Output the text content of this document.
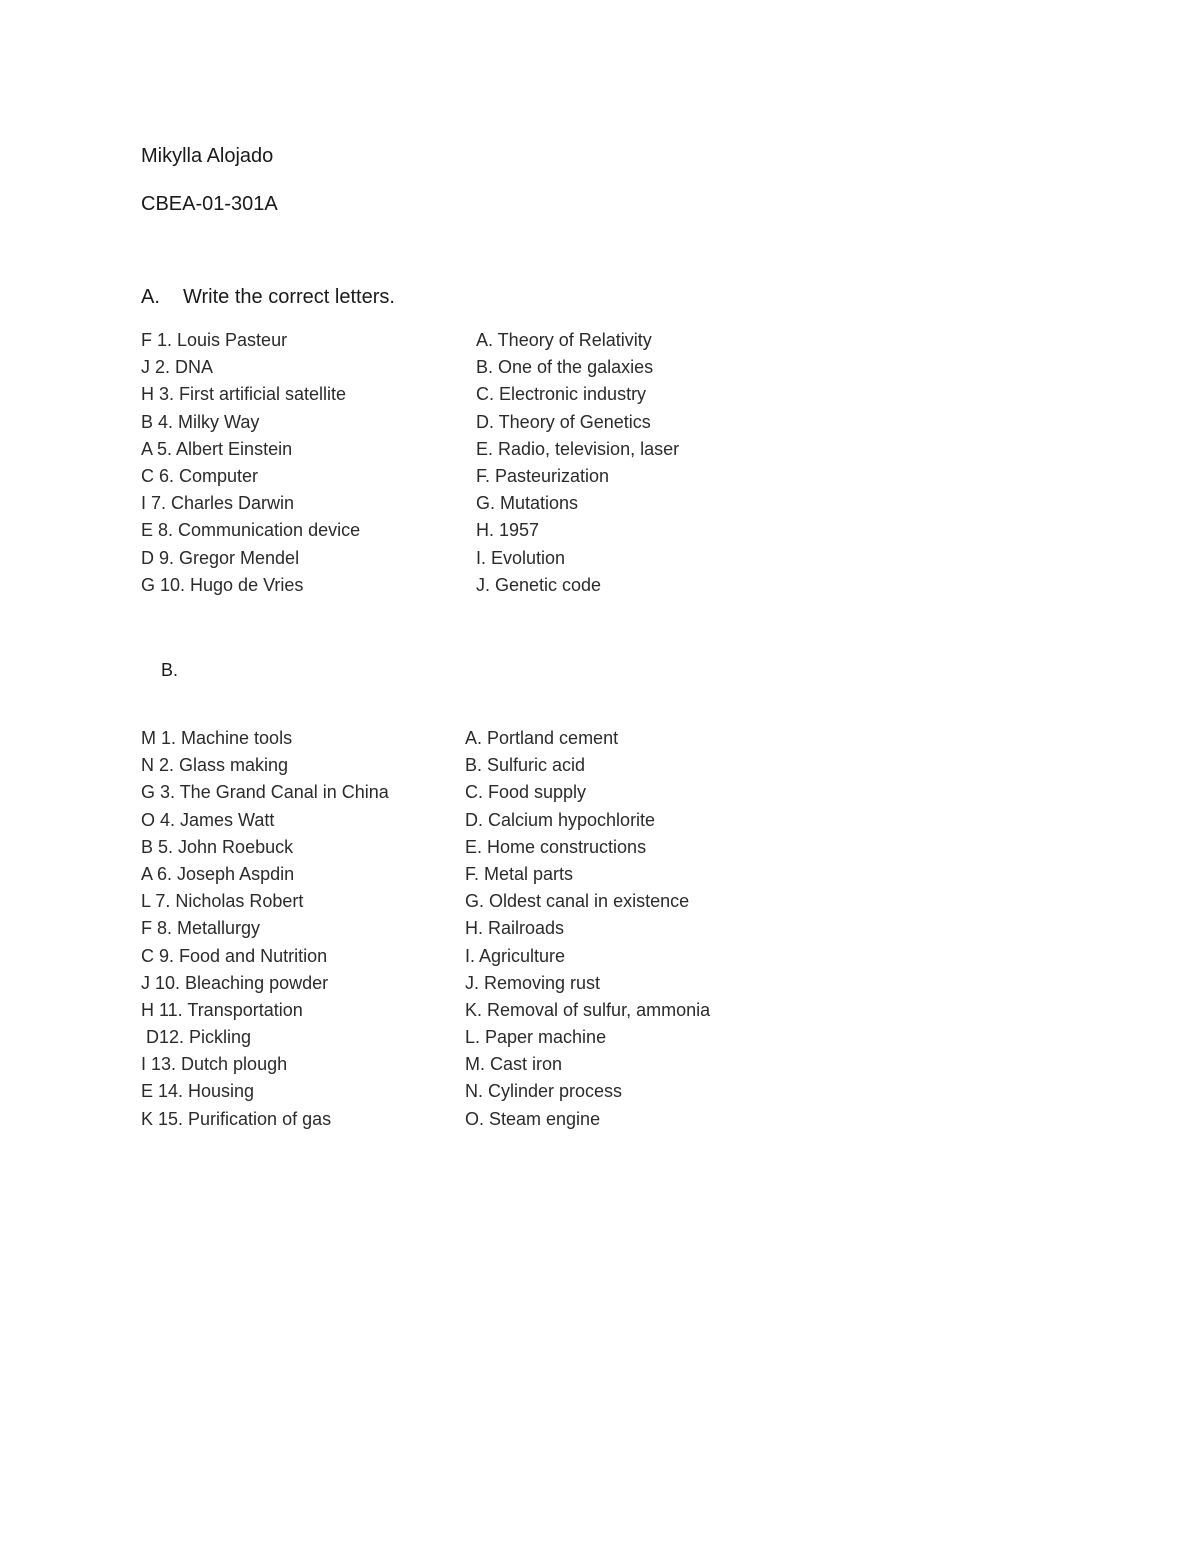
Mikylla Alojado
CBEA-01-301A
A. Write the correct letters.
F 1. Louis Pasteur
J 2. DNA
H 3. First artificial satellite
B 4. Milky Way
A 5. Albert Einstein
C 6. Computer
I 7. Charles Darwin
E 8. Communication device
D 9. Gregor Mendel
G 10. Hugo de Vries
A. Theory of Relativity
B. One of the galaxies
C. Electronic industry
D. Theory of Genetics
E. Radio, television, laser
F. Pasteurization
G. Mutations
H. 1957
I. Evolution
J. Genetic code
B.
M 1. Machine tools
N 2. Glass making
G 3. The Grand Canal in China
O 4. James Watt
B 5. John Roebuck
A 6. Joseph Aspdin
L 7. Nicholas Robert
F 8. Metallurgy
C 9. Food and Nutrition
J 10. Bleaching powder
H 11. Transportation
D12. Pickling
I 13. Dutch plough
E 14. Housing
K 15. Purification of gas
A. Portland cement
B. Sulfuric acid
C. Food supply
D. Calcium hypochlorite
E. Home constructions
F. Metal parts
G. Oldest canal in existence
H. Railroads
I. Agriculture
J. Removing rust
K. Removal of sulfur, ammonia
L. Paper machine
M. Cast iron
N. Cylinder process
O. Steam engine
